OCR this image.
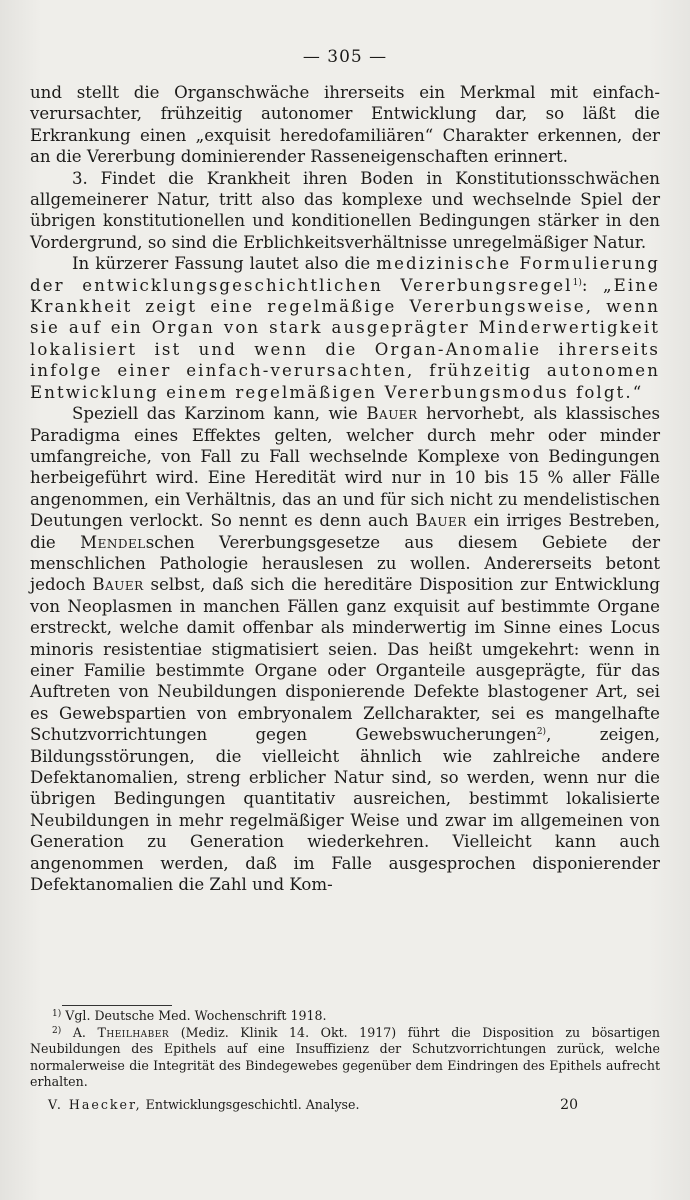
— 305 —

und stellt die Organschwäche ihrerseits ein Merkmal mit einfach-verursachter, frühzeitig autonomer Entwicklung dar, so läßt die Erkrankung einen „exquisit heredofamiliären“ Charakter erkennen, der an die Vererbung dominierender Rasseneigenschaften erinnert.

3. Findet die Krankheit ihren Boden in Konstitutionsschwächen allgemeinerer Natur, tritt also das komplexe und wechselnde Spiel der übrigen konstitutionellen und konditionellen Bedingungen stärker in den Vordergrund, so sind die Erblichkeitsverhältnisse unregelmäßiger Natur.

In kürzerer Fassung lautet also die medizinische Formulierung der entwicklungsgeschichtlichen Vererbungsregel$^{1)}$: „Eine Krankheit zeigt eine regelmäßige Vererbungsweise, wenn sie auf ein Organ von stark ausgeprägter Minderwertigkeit lokalisiert ist und wenn die Organ-Anomalie ihrerseits infolge einer einfach-verursachten, frühzeitig autonomen Entwicklung einem regelmäßigen Vererbungsmodus folgt.“

Speziell das Karzinom kann, wie Bauer hervorhebt, als klassisches Paradigma eines Effektes gelten, welcher durch mehr oder minder umfangreiche, von Fall zu Fall wechselnde Komplexe von Bedingungen herbeigeführt wird. Eine Heredität wird nur in 10 bis 15 % aller Fälle angenommen, ein Verhältnis, das an und für sich nicht zu mendelistischen Deutungen verlockt. So nennt es denn auch Bauer ein irriges Bestreben, die Mendelschen Vererbungsgesetze aus diesem Gebiete der menschlichen Pathologie herauslesen zu wollen. Andererseits betont jedoch Bauer selbst, daß sich die hereditäre Disposition zur Entwicklung von Neoplasmen in manchen Fällen ganz exquisit auf bestimmte Organe erstreckt, welche damit offenbar als minderwertig im Sinne eines Locus minoris resistentiae stigmatisiert seien. Das heißt umgekehrt: wenn in einer Familie bestimmte Organe oder Organteile ausgeprägte, für das Auftreten von Neubildungen disponierende Defekte blastogener Art, sei es Gewebspartien von embryonalem Zellcharakter, sei es mangelhafte Schutzvorrichtungen gegen Gewebswucherungen$^{2)}$, zeigen, Bildungsstörungen, die vielleicht ähnlich wie zahlreiche andere Defektanomalien, streng erblicher Natur sind, so werden, wenn nur die übrigen Bedingungen quantitativ ausreichen, bestimmt lokalisierte Neubildungen in mehr regelmäßiger Weise und zwar im allgemeinen von Generation zu Generation wiederkehren. Vielleicht kann auch angenommen werden, daß im Falle ausgesprochen disponierender Defektanomalien die Zahl und Kom-

$^{1)}$ Vgl. Deutsche Med. Wochenschrift 1918.

$^{2)}$ A. Theilhaber (Mediz. Klinik 14. Okt. 1917) führt die Disposition zu bösartigen Neubildungen des Epithels auf eine Insuffizienz der Schutzvorrichtungen zurück, welche normalerweise die Integrität des Bindegewebes gegenüber dem Eindringen des Epithels aufrecht erhalten.

V. Haecker, Entwicklungsgeschichtl. Analyse.	20
